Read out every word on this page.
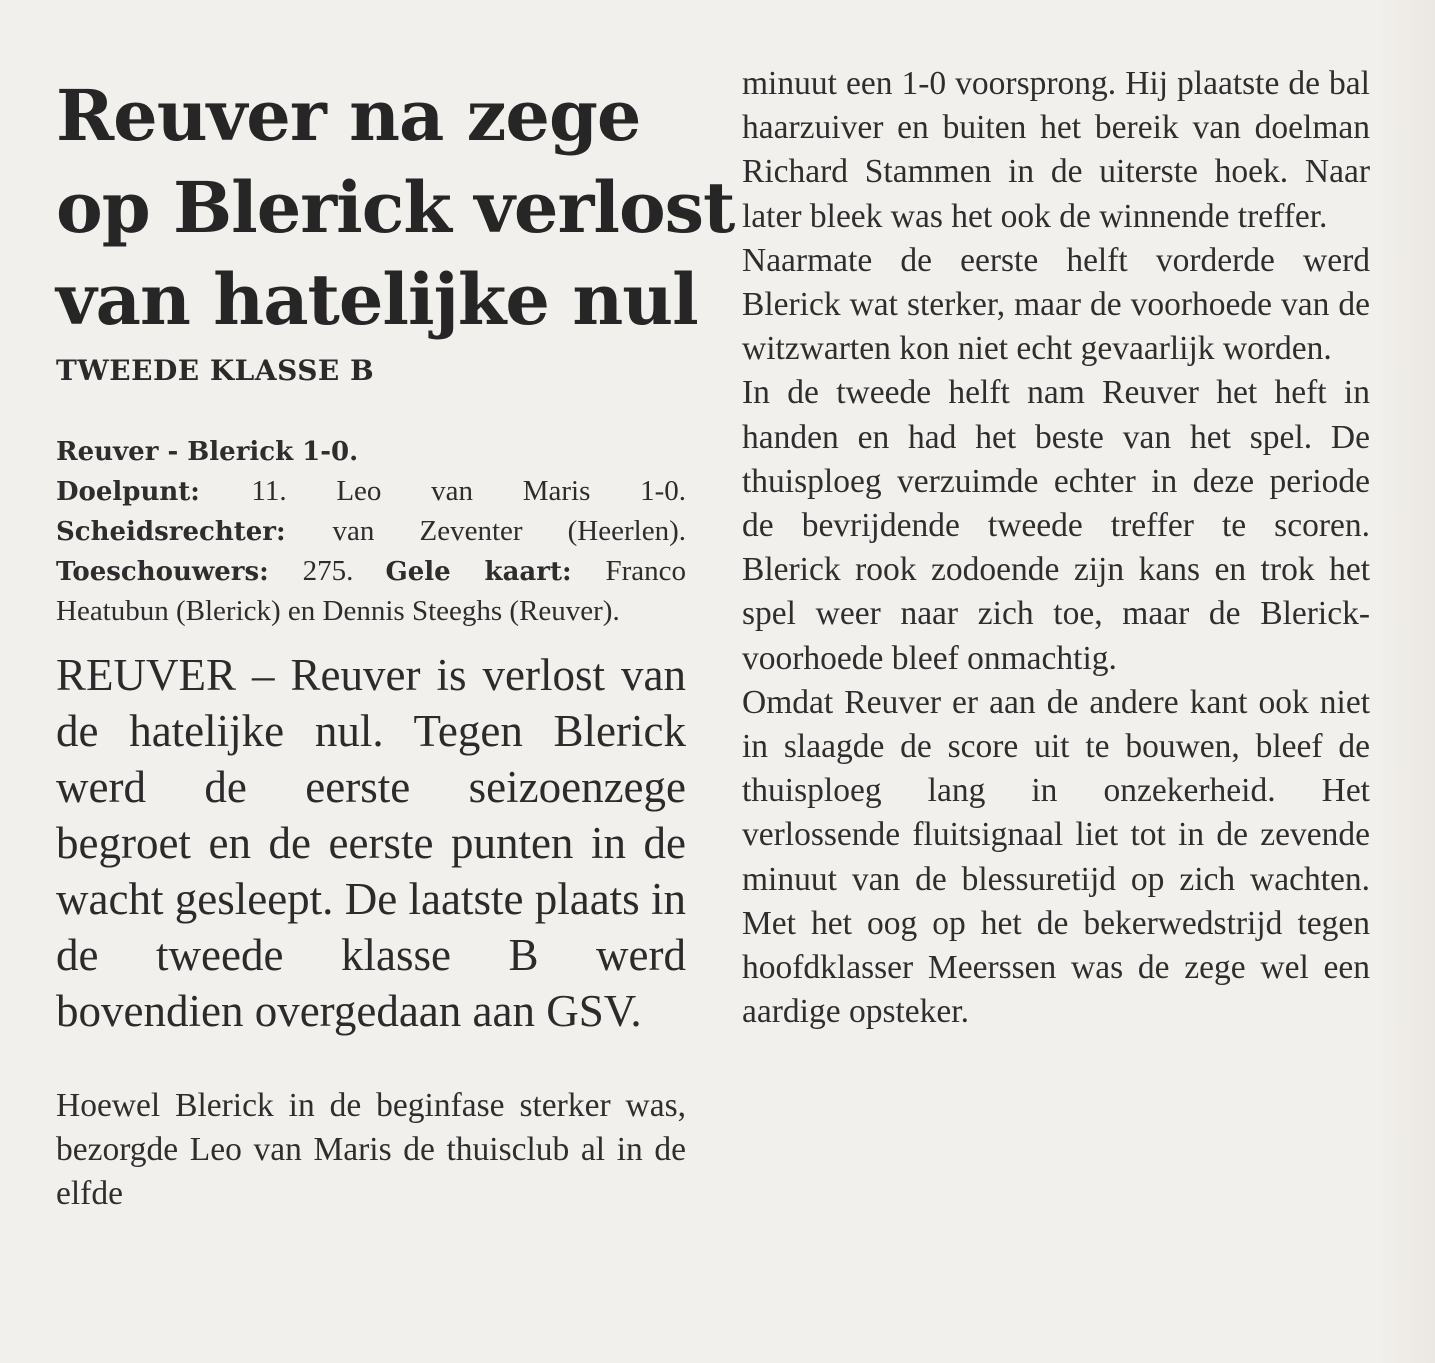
Reuver na zege
op Blerick verlost
van hatelijke nul
TWEEDE KLASSE B
Reuver - Blerick 1-0.
Doelpunt: 11. Leo van Maris 1-0. Scheidsrechter: van Zeventer (Heerlen). Toeschouwers: 275. Gele kaart: Franco Heatubun (Blerick) en Dennis Steeghs (Reuver).

REUVER – Reuver is verlost van de hatelijke nul. Tegen Blerick werd de eerste seizoenzege begroet en de eerste punten in de wacht gesleept. De laatste plaats in de tweede klasse B werd bovendien overgedaan aan GSV.

Hoewel Blerick in de beginfase sterker was, bezorgde Leo van Maris de thuisclub al in de elfde

minuut een 1-0 voorsprong. Hij plaatste de bal haarzuiver en buiten het bereik van doelman Richard Stammen in de uiterste hoek. Naar later bleek was het ook de winnende treffer.

Naarmate de eerste helft vorderde werd Blerick wat sterker, maar de voorhoede van de witzwarten kon niet echt gevaarlijk worden.

In de tweede helft nam Reuver het heft in handen en had het beste van het spel. De thuisploeg verzuimde echter in deze periode de bevrijdende tweede treffer te scoren. Blerick rook zodoende zijn kans en trok het spel weer naar zich toe, maar de Blerick-voorhoede bleef onmachtig.

Omdat Reuver er aan de andere kant ook niet in slaagde de score uit te bouwen, bleef de thuisploeg lang in onzekerheid. Het verlossende fluitsignaal liet tot in de zevende minuut van de blessuretijd op zich wachten. Met het oog op het de bekerwedstrijd tegen hoofdklasser Meerssen was de zege wel een aardige opsteker.
